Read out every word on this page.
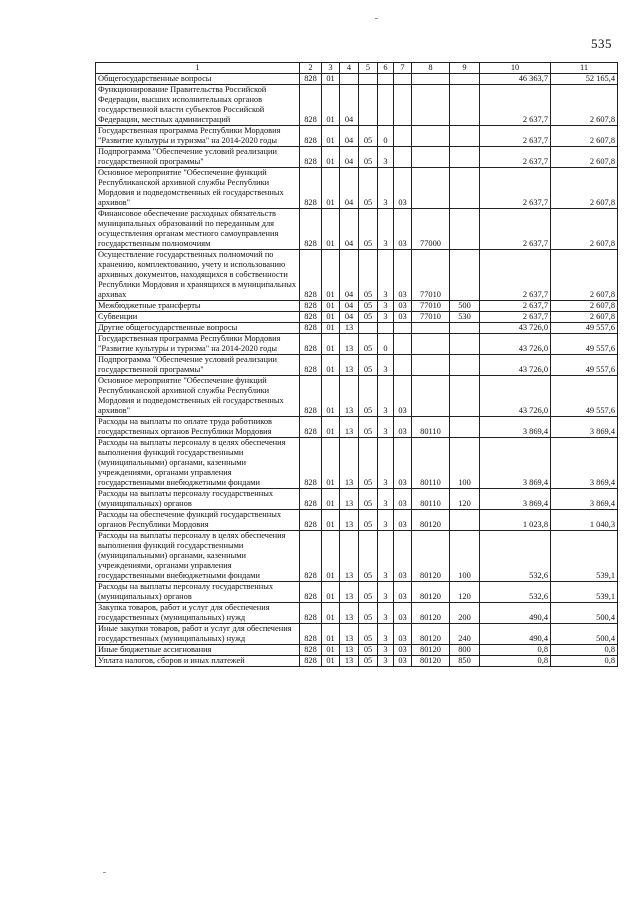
535
1	2	3	4	5	6	7	8	9	10	11
Общегосударственные вопросы	828	01							46 363,7	52 165,4
Функционирование Правительства Российской Федерации, высших исполнительных органов государственной власти субъектов Российской Федерации, местных администраций	828	01	04						2 637,7	2 607,8
Государственная программа Республики Мордовия "Развитие культуры и туризма" на 2014-2020 годы	828	01	04	05	0				2 637,7	2 607,8
Подпрограмма "Обеспечение условий реализации государственной программы"	828	01	04	05	3				2 637,7	2 607,8
Основное мероприятие "Обеспечение функций Республиканской архивной службы Республики Мордовия и подведомственных ей государственных архивов"	828	01	04	05	3	03			2 637,7	2 607,8
Финансовое обеспечение расходных обязательств муниципальных образований по переданным для осуществления органам местного самоуправления государственным полномочиям	828	01	04	05	3	03	77000		2 637,7	2 607,8
Осуществление государственных полномочий по хранению, комплектованию, учету и использованию архивных документов, находящихся в собственности Республики Мордовия и хранящихся в муниципальных архивах	828	01	04	05	3	03	77010		2 637,7	2 607,8
Межбюджетные трансферты	828	01	04	05	3	03	77010	500	2 637,7	2 607,8
Субвенции	828	01	04	05	3	03	77010	530	2 637,7	2 607,8
Другие общегосударственные вопросы	828	01	13						43 726,0	49 557,6
Государственная программа Республики Мордовия "Развитие культуры и туризма" на 2014-2020 годы	828	01	13	05	0				43 726,0	49 557,6
Подпрограмма "Обеспечение условий реализации государственной программы"	828	01	13	05	3				43 726,0	49 557,6
Основное мероприятие "Обеспечение функций Республиканской архивной службы Республики Мордовия и подведомственных ей государственных архивов"	828	01	13	05	3	03			43 726,0	49 557,6
Расходы на выплаты по оплате труда работников государственных органов Республики Мордовия	828	01	13	05	3	03	80110		3 869,4	3 869,4
Расходы на выплаты персоналу в целях обеспечения выполнения функций государственными (муниципальными) органами, казенными учреждениями, органами управления государственными внебюджетными фондами	828	01	13	05	3	03	80110	100	3 869,4	3 869,4
Расходы на выплаты персоналу государственных (муниципальных) органов	828	01	13	05	3	03	80110	120	3 869,4	3 869,4
Расходы на обеспечение функций государственных органов Республики Мордовия	828	01	13	05	3	03	80120		1 023,8	1 040,3
Расходы на выплаты персоналу в целях обеспечения выполнения функций государственными (муниципальными) органами, казенными учреждениями, органами управления государственными внебюджетными фондами	828	01	13	05	3	03	80120	100	532,6	539,1
Расходы на выплаты персоналу государственных (муниципальных) органов	828	01	13	05	3	03	80120	120	532,6	539,1
Закупка товаров, работ и услуг для обеспечения государственных (муниципальных) нужд	828	01	13	05	3	03	80120	200	490,4	500,4
Иные закупки товаров, работ и услуг для обеспечения государственных (муниципальных) нужд	828	01	13	05	3	03	80120	240	490,4	500,4
Иные бюджетные ассигнования	828	01	13	05	3	03	80120	800	0,8	0,8
Уплата налогов, сборов и иных платежей	828	01	13	05	3	03	80120	850	0,8	0,8
